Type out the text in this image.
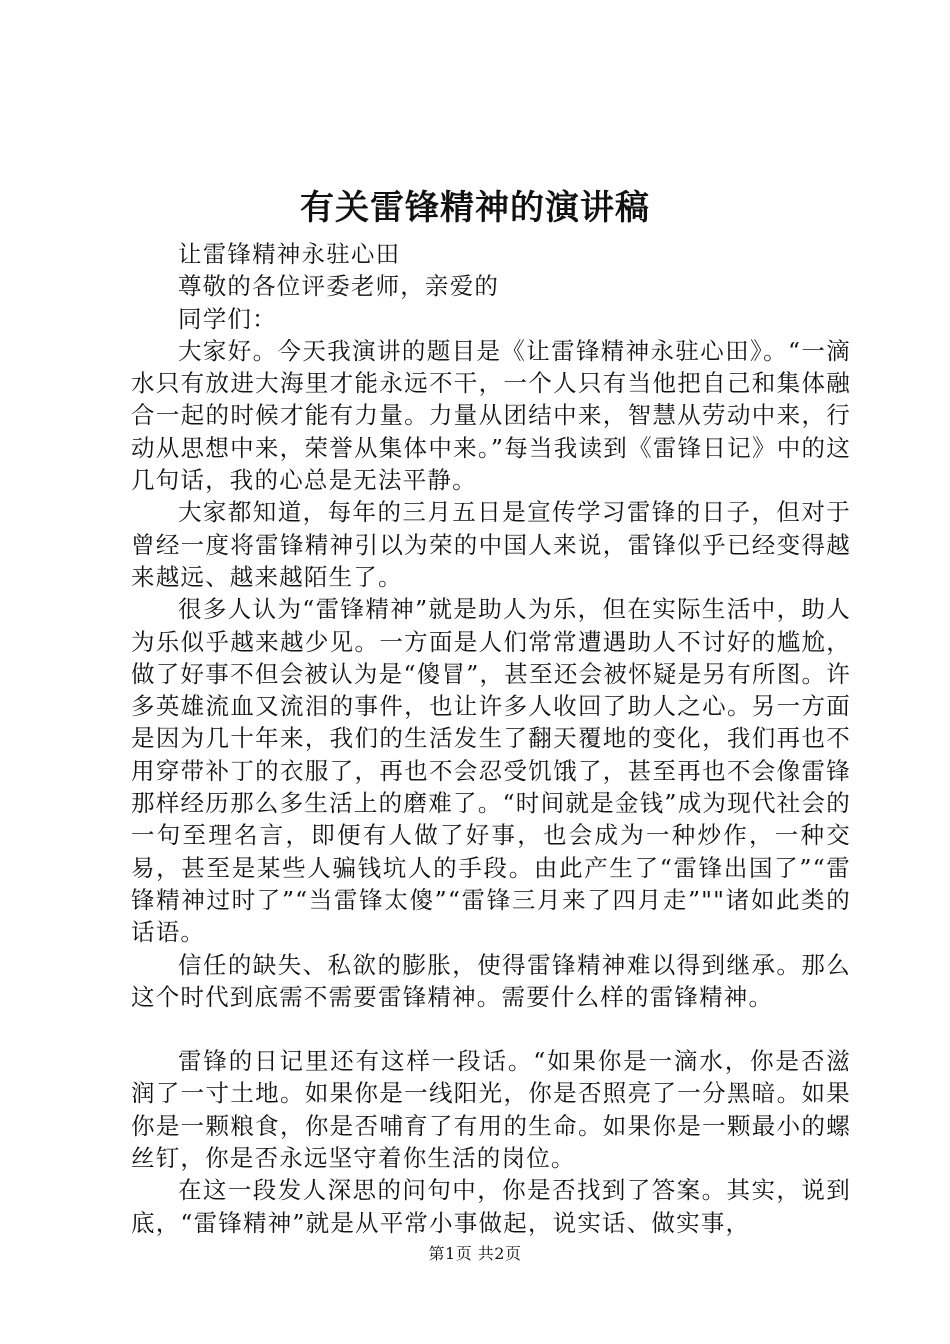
有关雷锋精神的演讲稿

让雷锋精神永驻心田

尊敬的各位评委老师，亲爱的

同学们：

大家好。今天我演讲的题目是《让雷锋精神永驻心田》。“一滴水只有放进大海里才能永远不干，一个人只有当他把自己和集体融合一起的时候才能有力量。力量从团结中来，智慧从劳动中来，行动从思想中来，荣誉从集体中来。”每当我读到《雷锋日记》中的这几句话，我的心总是无法平静。

大家都知道，每年的三月五日是宣传学习雷锋的日子，但对于曾经一度将雷锋精神引以为荣的中国人来说，雷锋似乎已经变得越来越远、越来越陌生了。

很多人认为“雷锋精神”就是助人为乐，但在实际生活中，助人为乐似乎越来越少见。一方面是人们常常遭遇助人不讨好的尴尬，做了好事不但会被认为是“傻冒”，甚至还会被怀疑是另有所图。许多英雄流血又流泪的事件，也让许多人收回了助人之心。另一方面是因为几十年来，我们的生活发生了翻天覆地的变化，我们再也不用穿带补丁的衣服了，再也不会忍受饥饿了，甚至再也不会像雷锋那样经历那么多生活上的磨难了。“时间就是金钱”成为现代社会的一句至理名言，即便有人做了好事，也会成为一种炒作，一种交易，甚至是某些人骗钱坑人的手段。由此产生了“雷锋出国了”“雷锋精神过时了”“当雷锋太傻”“雷锋三月来了四月走”""诸如此类的话语。

信任的缺失、私欲的膨胀，使得雷锋精神难以得到继承。那么这个时代到底需不需要雷锋精神。需要什么样的雷锋精神。

雷锋的日记里还有这样一段话。“如果你是一滴水，你是否滋润了一寸土地。如果你是一线阳光，你是否照亮了一分黑暗。如果你是一颗粮食，你是否哺育了有用的生命。如果你是一颗最小的螺丝钉，你是否永远坚守着你生活的岗位。

在这一段发人深思的问句中，你是否找到了答案。其实，说到底，“雷锋精神”就是从平常小事做起，说实话、做实事，

第1页 共2页
